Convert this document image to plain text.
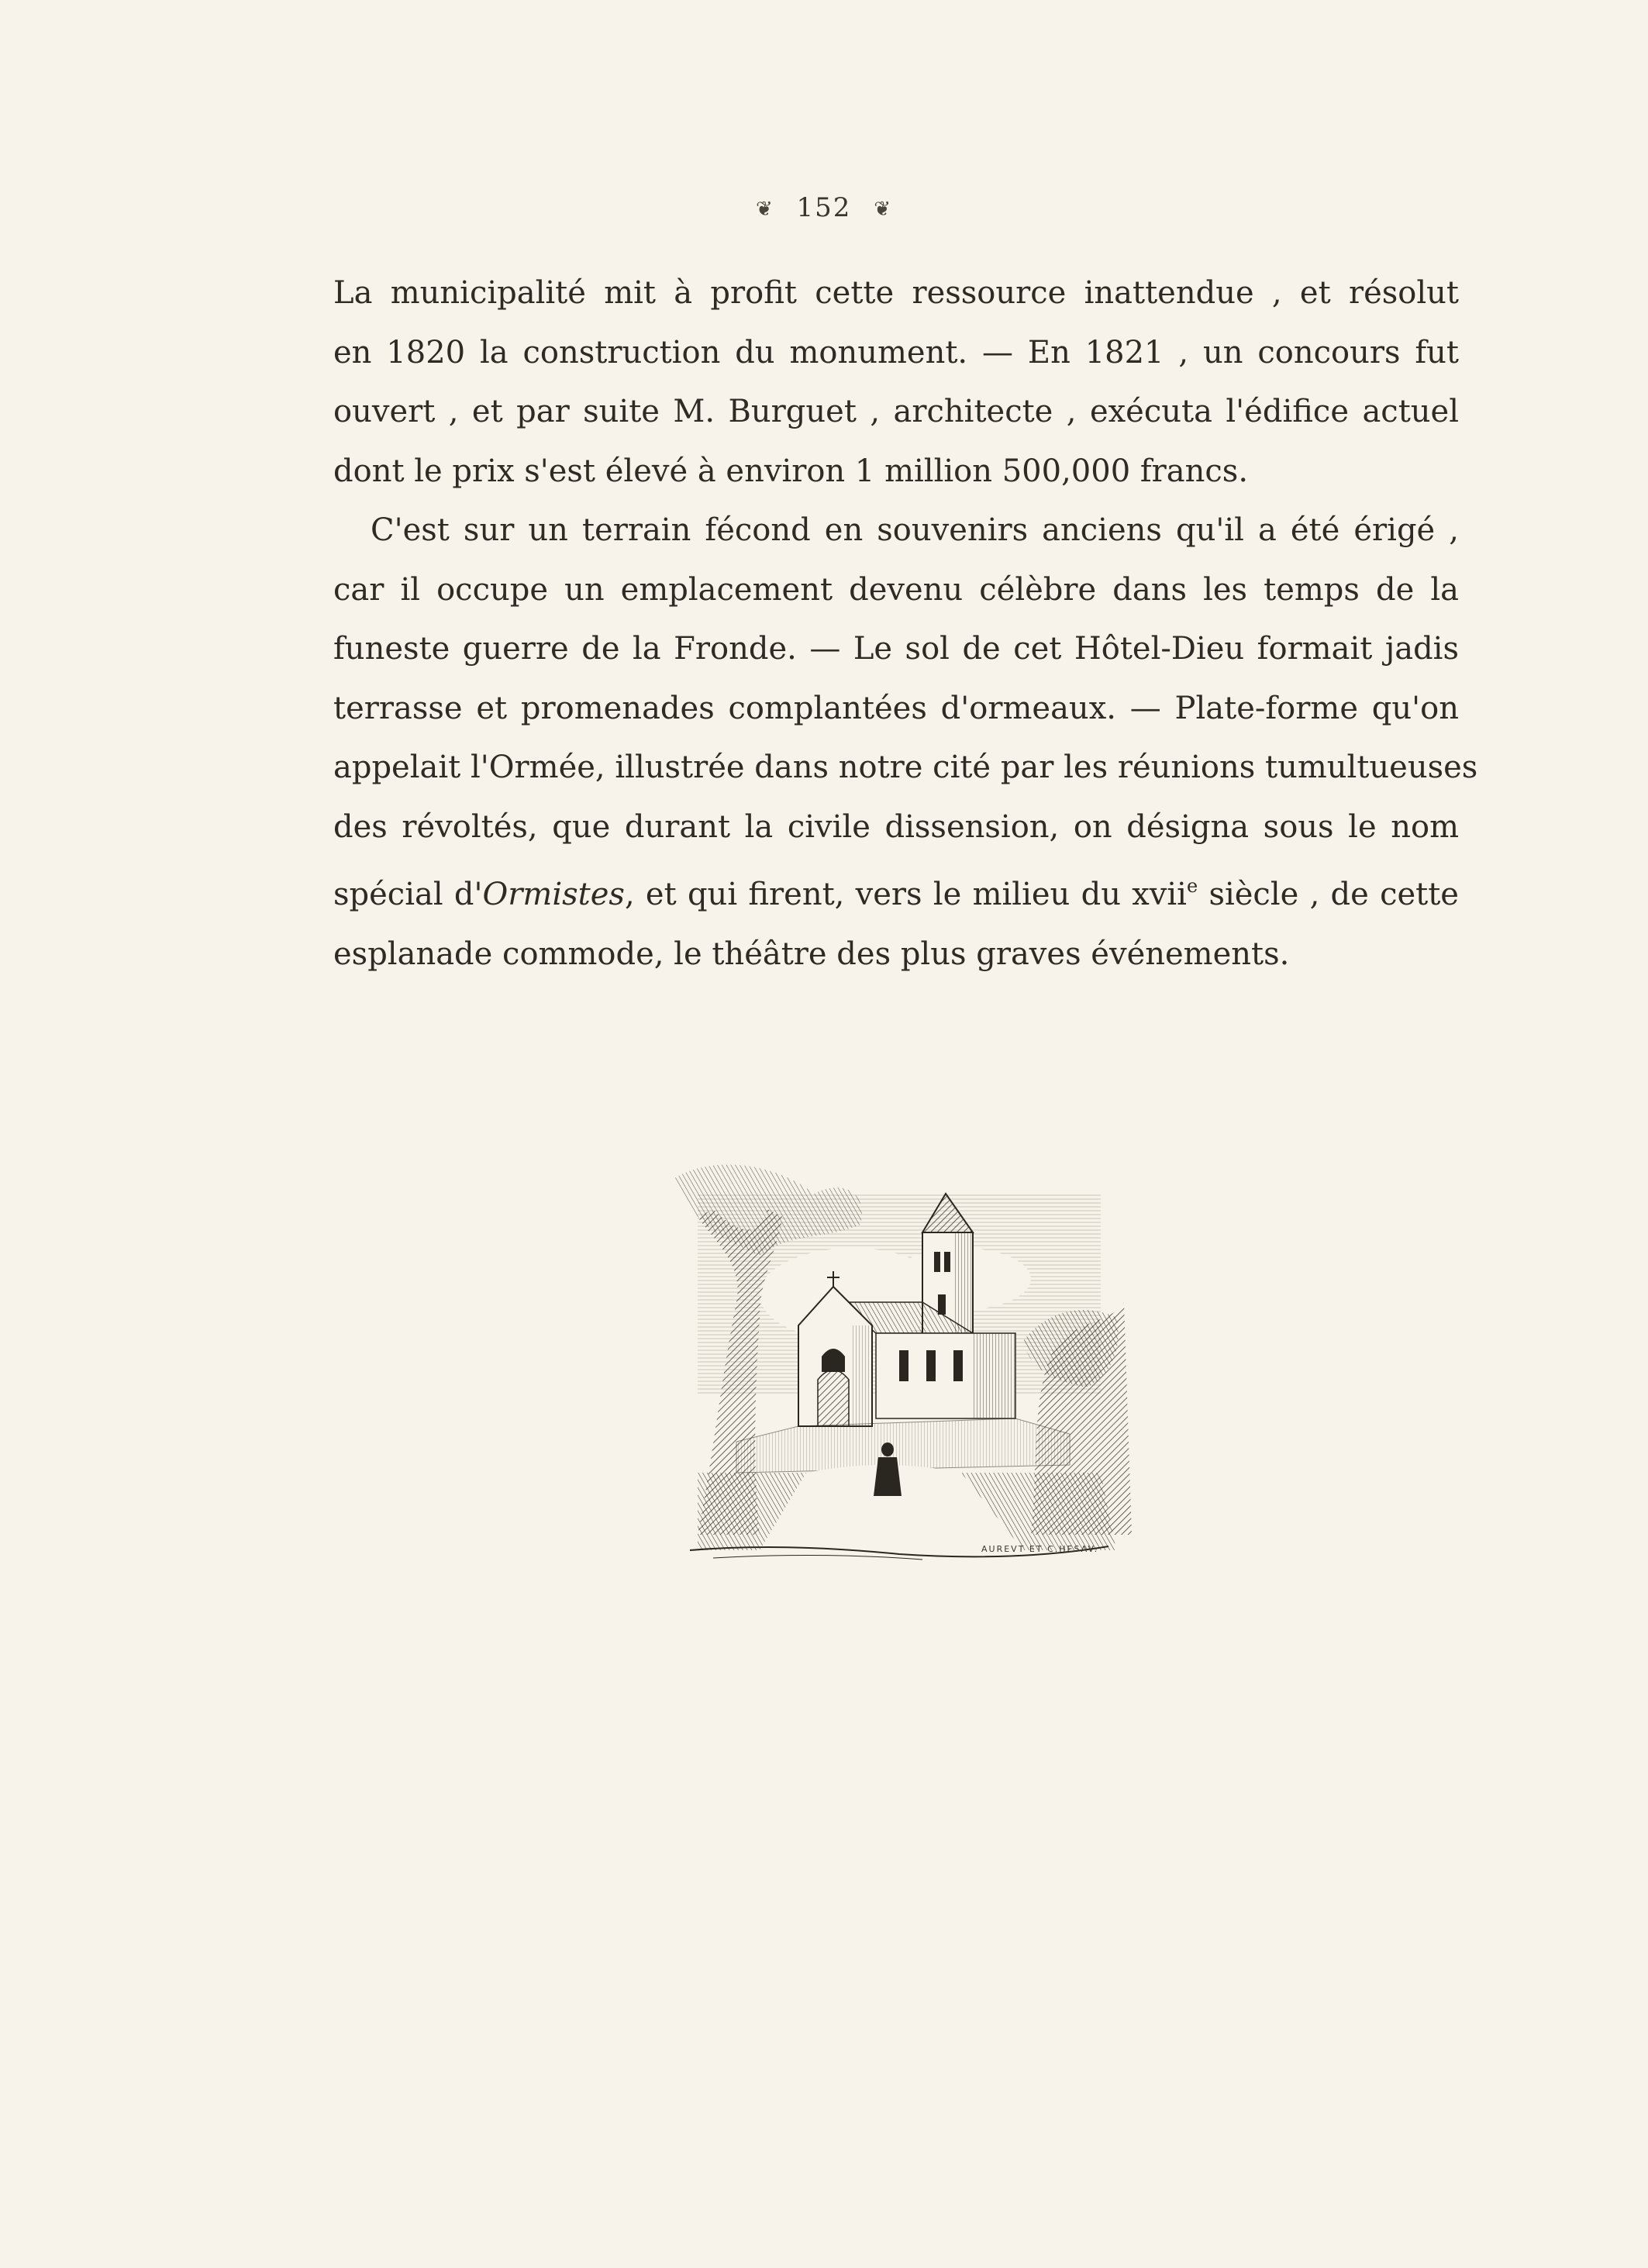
❦ 152 ❦
La municipalité mit à profit cette ressource inattendue , et résolut
en 1820 la construction du monument. — En 1821 , un concours fut
ouvert , et par suite M. Burguet , architecte , exécuta l'édifice actuel
dont le prix s'est élevé à environ 1 million 500,000 francs.
C'est sur un terrain fécond en souvenirs anciens qu'il a été érigé ,
car il occupe un emplacement devenu célèbre dans les temps de la
funeste guerre de la Fronde. — Le sol de cet Hôtel-Dieu formait jadis
terrasse et promenades complantées d'ormeaux. — Plate-forme qu'on
appelait l'Ormée, illustrée dans notre cité par les réunions tumultueuses
des révoltés, que durant la civile dissension, on désigna sous le nom
spécial d'Ormistes, et qui firent, vers le milieu du xvii$^e$ siècle , de cette
esplanade commode, le théâtre des plus graves événements.
AUREVT ET C.HESAV.
